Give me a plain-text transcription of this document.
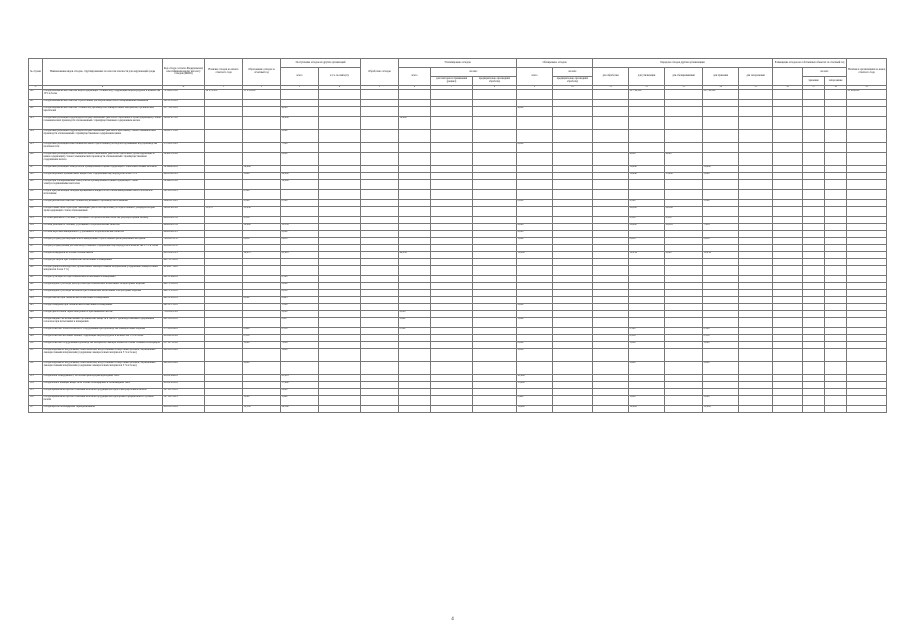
№ строки	Наименование видов отходов, сгруппированных по классам опасности для окружающей среды	Код отхода согласно Федеральному классификационному каталогу отходов (ФККО)	Наличие отходов на начало отчетного года	Образование отходов за отчетный год	Поступление отходов из других организаций		Обработано отходов	Утилизировано отходов			Обезврежено отходов		Передача отходов другим организациям					Размещение отходов на собственных объектах за отчетный год			Наличие в организациях на конец отчетного года
					всего	в т.ч. по импорту		всего	из них:		всего	из них:	для обработки	для утилизации	для обезвреживания	для хранения	для захоронения		из них:		
									для повторного применения (рецикл)	предварительно прошедших обработку		предварительно прошедших обработку							хранение	захоронение	
А	Б	В	1	2	3	4	5	6	7	8	9	10	11	12	13	14	15	16	17	18	19
120	отходы механической очистки нефтесодержащих сточных вод, содержащий нефтепродукты в количестве 15% и более	72310201393	29 274,500	15 233,826										20 734,526		28 734,320					21 624,000
121	отходы механической очистки отработанных растворов вещества и обезвреживания аммиаком	36133511393																			
122	отходы механической очистки сточных вод производства лакокрасочных материалов, органических красителей	31771121393			4,000						4,000										
123	отходы нейтрализации гидроксидом натрия смешанных (кислотно- щелочных и хромсодержащих) стоков гальванических производств обезвоженный с преимущественным содержанием железа	36168587393			10,000			10,000													
124	отходы нейтрализации гидроксидом натрия смешанных (кислых и щелочных) стоков гальванических производств обезвоженный с преимущественным содержанием цинка	36168571393			2,240																
125	отходы нейтрализации известковым молоком отработанных растворов и промывных вод производства печатных плат	37112111393			7,500						6,000										
126	отходы нейтрализации известковым молоком смешанных (кислотно- щелочных, хромсодержащих и цианосодержащих) стоков гальванических производств обезвоженный с преимущественным содержанием железа	36368576393			8,000									4,000	4,000						
127	отходы нейтрализации электролитов хромирования и цинкосодержащих стоков известковым молоком	36344481203		56,880										56,880		56,000					
128	отходы нефтяных промывочных жидкостей, содержащий нефтепродукты более 70%	46635083323		3,840	66,000									16,840	33,000	3,840					
129	отходы при обезвреживании электролитов хромирования и цинкосодержащих стоков электросоединенными металлом	36344451393			10,000																
130	осадок при реализации сконденсировавшейся жидкости на основе минеральных масел безопасное исполнение	39130011323		0,100																	
131	отходы реагентной очистки сточных вод калийного производства и аммиака	30601111393		2,500	0,500						0,000			2,500		5,500					
132	отходы совместной обработки смешанных (кислотно-щелочных) и обработанных сульфидом натрия хромсодержащих стоков обезвоженный	36168563393	11,270	35,430										26,500	26,500						
133	Остатки дизельного топлива, утратившего потребительские свойства (карбюраторный бензин)	40691861333		2,350										2,350	2,350						
134	остатки дизельного топлива, утратившего потребительские свойства	40691801333		30,000	11,556						6,000			28,000	28,122	7,938					
135	остатки керосина авиационного, утратившего потребительские свойства	40691802313			6,849						6,000										
136	отходы (осадки) регенерации масел минеральных отработанных фильтровальных методами	74161112333		0,650	0,650						1,000			0,650		0,650					
137	отходы (осадки) мойки деталей искусственных, содержащие нефтепродукты в количестве 15 % и более	91952112335																			
138	отходы антифризов на основе этиленгликоля	92121001313		16,872	61,910			49,838			10,000			12,034	2,000	10,034					
139	отходы растворов при технических испытаниях и измерениях	94171131103																			
140	отходы бумаги и/или картона, пропитанных лакокрасочными материалами (содержание лакокрасочных материалов более 5 %)	40586171605																			
141	отходы бутилацетата при технических испытаниях и измерениях	94131304103			0,100																
142	отходы водного раствора дихлорэтана при технических испытаниях лабораторных изделий	94271312103			0,000																
143	отходы водного раствора метанола при технических испытаниях лабораторных изделий	94271311103			0,210																
144	отходы гексана при технических испытаниях и измерениях	94131381103		0,002	0,445																
145	отходы глицерина при технических испытаниях и измерениях	94151571103			1,380						2,000										
146	отходы дихлоэтанов термоэлектронного при шинковой чистке	73931021303			2,000			2,000													
147	отходы жидких легкоокисляемых органических веществ и смеси с производственным содержанием галогенов при испытаниях и измерениях	94152811103			0,417			2,982			1,000										
148	отходы зачистки технологического оборудования при производстве лакокрасочных изделий	37791122203		0,480	0,150			0,100						0,100		0,100					
149	отходы зачистки масляных машин, содержащие нефтепродукты в количестве 15% и более	91852212393		0,350										0,350		0,350					
150	отходы зачистки оборудования производства материалов лакокрасочных на основе сложных полиэфиров	31712712393		1,000	7,026						0,000			1,000		1,000					
151	отходы изделий из натуральных, синтетических, искусственных и шерстяных волокон, загрязненных лакокрасочными материалами (содержание лакокрасочных материалов 5 % и более)	40232913603			1,620						2,000										
152	отходы изделий из натуральных, синтетических, искусственных и шерстяных волокон, загрязненных лакокрасочными материалами (содержание лакокрасочных материалов 5 % и более)	40232913603		2,600										2,600		2,600					
153	отходы клея затвердевшего, на основе фенолформальдегидных смол	41952324203			63,003						41,000										
154	отходы клея и клеящих веществ на основе полиэфирных и полиамидных смол	41952323203			17,942						33,000										
155	отходы крышечной при изготовлении печатной продукции методом электрофотонной печати	30712131103			0,000																
156	отходы крышечной при изготовлении печатной продукции методом флексографической и глубокой печати	30712113223		1,000	3,400						0,400			1,000		3,000					
157	отходы красок полиэфирной термореактивной	41221211393		12,182	29,360						16,000			12,882		12,882					
4
